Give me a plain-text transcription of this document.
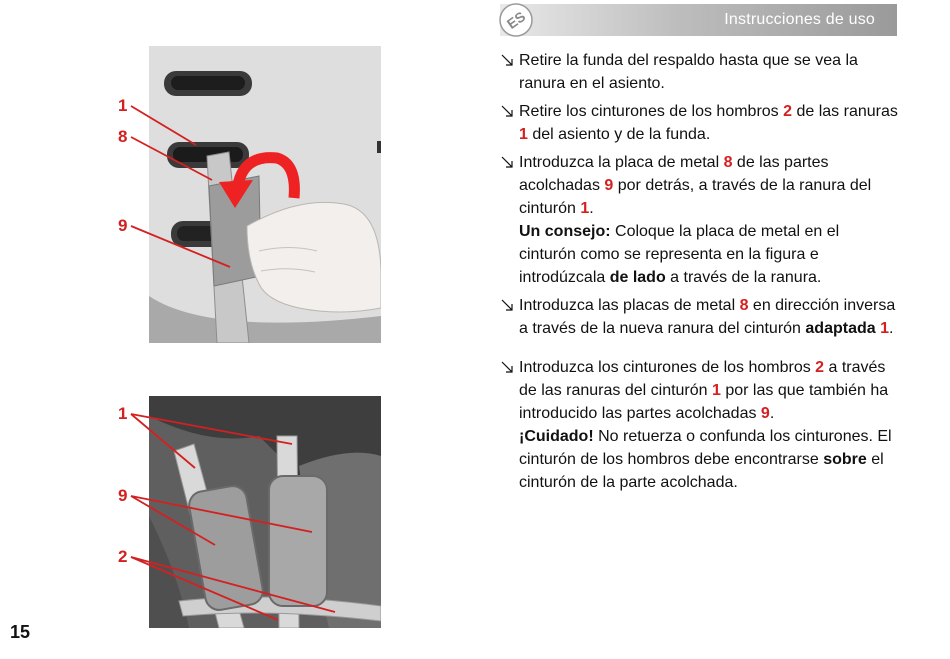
Instrucciones de uso
ES
1
8
9
1
9
2
Retire la funda del respaldo hasta que se vea la ranura en el asiento.
Retire los cinturones de los hombros 2 de las ranuras 1 del asiento y de la funda.
Introduzca la placa de metal 8 de las partes acolchadas 9 por detrás, a través de la ranura del cinturón 1.
Un consejo: Coloque la placa de metal en el cinturón como se representa en la figura e introdúzcala de lado a través de la ranura.
Introduzca las placas de metal 8 en dirección inversa a través de la nueva ranura del cinturón adaptada 1.
Introduzca los cinturones de los hombros 2 a través de las ranuras del cinturón 1 por las que también ha introducido las partes acolchadas 9.
¡Cuidado! No retuerza o confunda los cinturones. El cinturón de los hombros debe encontrarse sobre el cinturón de la parte acolchada.
15
